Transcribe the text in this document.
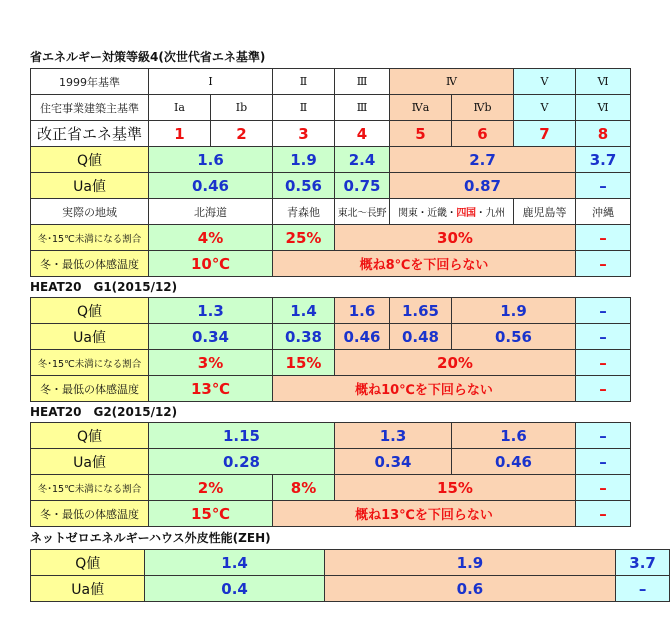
省エネルギー対策等級4(次世代省エネ基準)
1999年基準	Ⅰ		Ⅱ	Ⅲ	Ⅳ		Ⅴ	Ⅵ
住宅事業建築主基準	Ⅰa	Ⅰb	Ⅱ	Ⅲ	Ⅳa	Ⅳb	Ⅴ	Ⅵ
改正省エネ基準	1	2	3	4	5	6	7	8
Q値	1.6		1.9	2.4	2.7			3.7
Ua値	0.46		0.56	0.75	0.87			–
実際の地域	北海道		青森他	東北～長野	関東・近畿・四国・九州		鹿児島等	沖縄
冬･15℃未満になる割合	4%		25%	30%				–
冬・最低の体感温度	10℃		概ね8℃を下回らない					–
HEAT20　G1(2015/12)
Q値	1.3	1.4	1.6	1.65	1.9	–
Ua値	0.34	0.38	0.46	0.48	0.56	–
冬･15℃未満になる割合	3%	15%	20%			–
冬・最低の体感温度	13℃	概ね10℃を下回らない				–
HEAT20　G2(2015/12)
Q値	1.15		1.3	1.6	–
Ua値	0.28		0.34	0.46	–
冬･15℃未満になる割合	2%	8%	15%		–
冬・最低の体感温度	15℃	概ね13℃を下回らない			–
ネットゼロエネルギーハウス外皮性能(ZEH)
Q値	1.4	1.9	3.7
Ua値	0.4	0.6	–
